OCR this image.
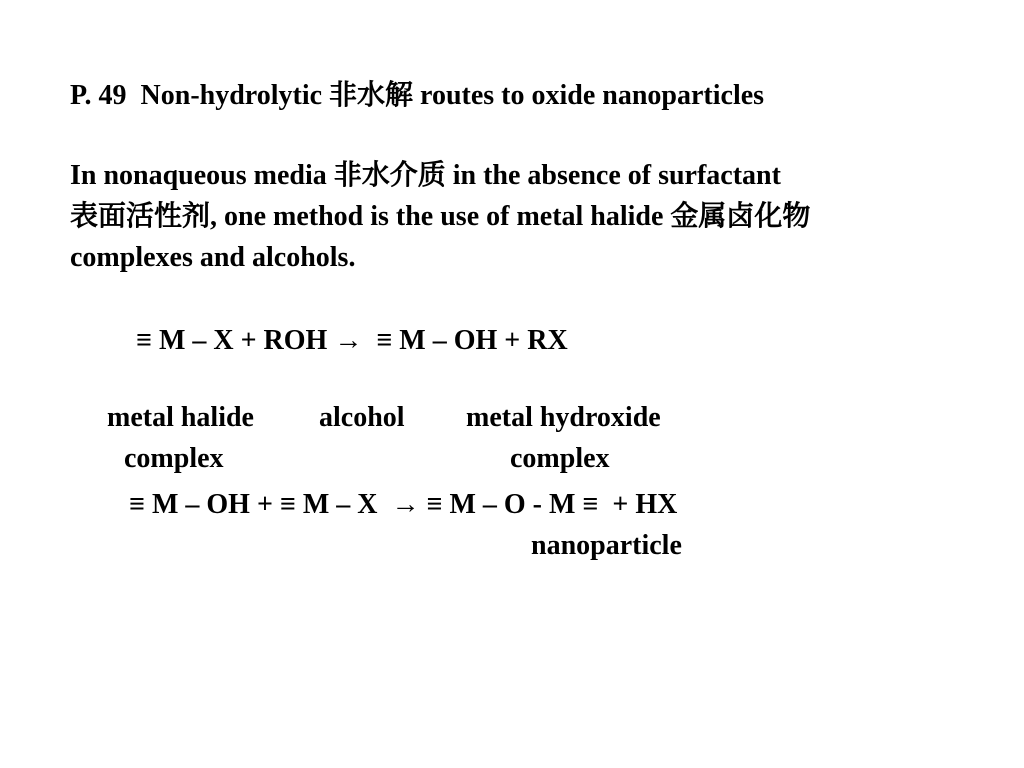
P. 49  Non-hydrolytic 非水解 routes to oxide nanoparticles
In nonaqueous media 非水介质 in the absence of surfactant
表面活性剂, one method is the use of metal halide 金属卤化物
complexes and alcohols.
≡ M – X + ROH →  ≡ M – OH + RX

metal halide alcohol metal hydroxide

complex	complex

≡ M – OH + ≡ M – X  → ≡ M – O - M ≡  + HX
nanoparticle
